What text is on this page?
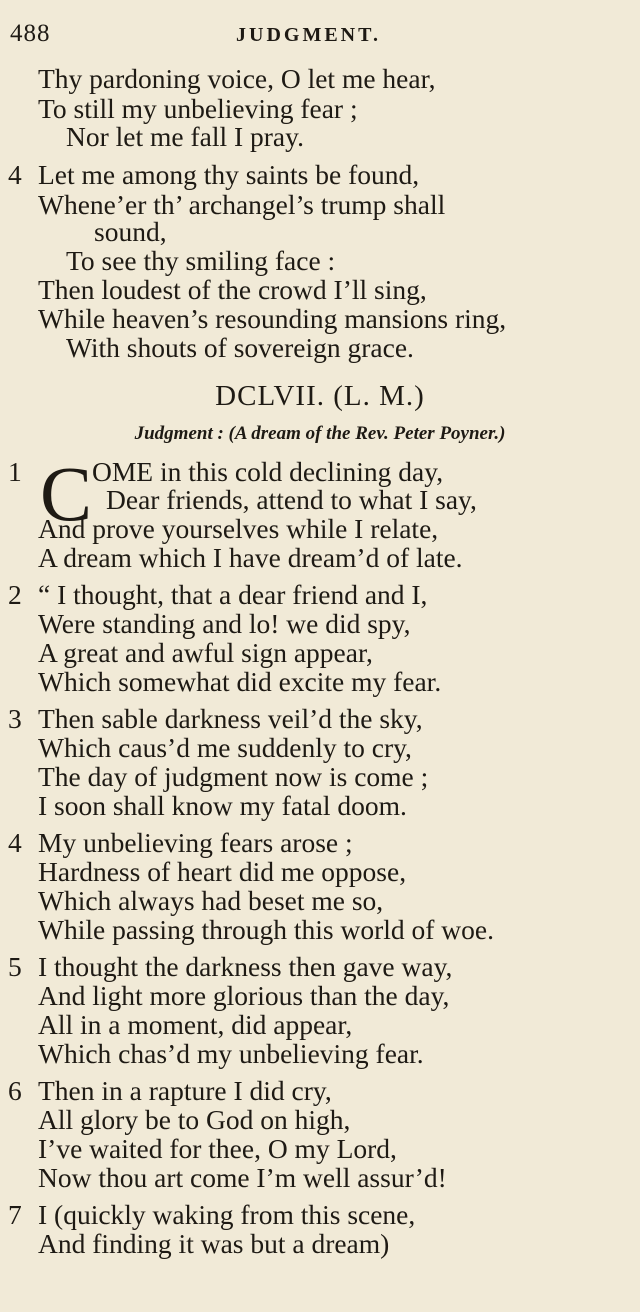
488	JUDGMENT.
Thy pardoning voice, O let me hear,
To still my unbelieving fear ;
Nor let me fall I pray.
4 Let me among thy saints be found,
Whene’er th’ archangel’s trump shall
sound,
To see thy smiling face :
Then loudest of the crowd I’ll sing,
While heaven’s resounding mansions ring,
With shouts of sovereign grace.
DCLVII. (L. M.)
Judgment : (A dream of the Rev. Peter Poyner.)
1 C OME in this cold declining day,
Dear friends, attend to what I say,
And prove yourselves while I relate,
A dream which I have dream’d of late.
2 “ I thought, that a dear friend and I,
Were standing and lo! we did spy,
A great and awful sign appear,
Which somewhat did excite my fear.
3 Then sable darkness veil’d the sky,
Which caus’d me suddenly to cry,
The day of judgment now is come ;
I soon shall know my fatal doom.
4 My unbelieving fears arose ;
Hardness of heart did me oppose,
Which always had beset me so,
While passing through this world of woe.
5 I thought the darkness then gave way,
And light more glorious than the day,
All in a moment, did appear,
Which chas’d my unbelieving fear.
6 Then in a rapture I did cry,
All glory be to God on high,
I’ve waited for thee, O my Lord,
Now thou art come I’m well assur’d!
7 I (quickly waking from this scene,
And finding it was but a dream)
